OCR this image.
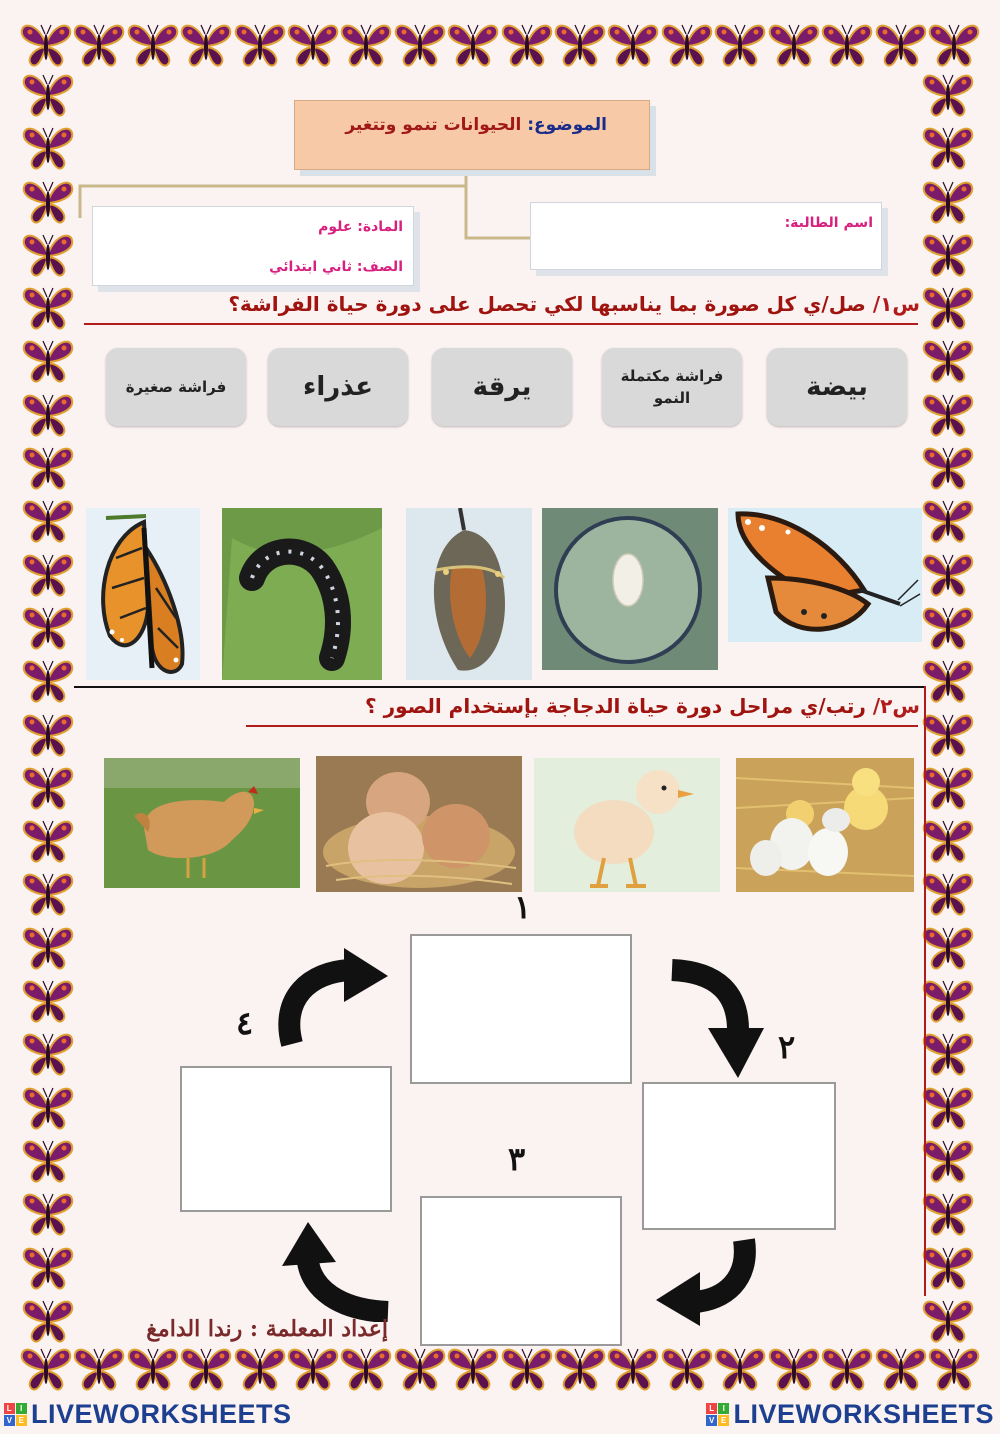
الموضوع: الحيوانات تنمو وتتغير
اسم الطالبة:
المادة: علوم
الصف: ثاني ابتدائي
س١/ صل/ي كل صورة بما يناسبها لكي تحصل على دورة حياة الفراشة؟
بيضة
فراشة مكتملة النمو
يرقة
عذراء
فراشة صغيرة
س٢/ رتب/ي مراحل دورة حياة الدجاجة بإستخدام الصور ؟
١
٢
٣
٤
إعداد المعلمة : رندا الدامغ
L I
V E LIVEWORKSHEETS	L I
V E LIVEWORKSHEETS
